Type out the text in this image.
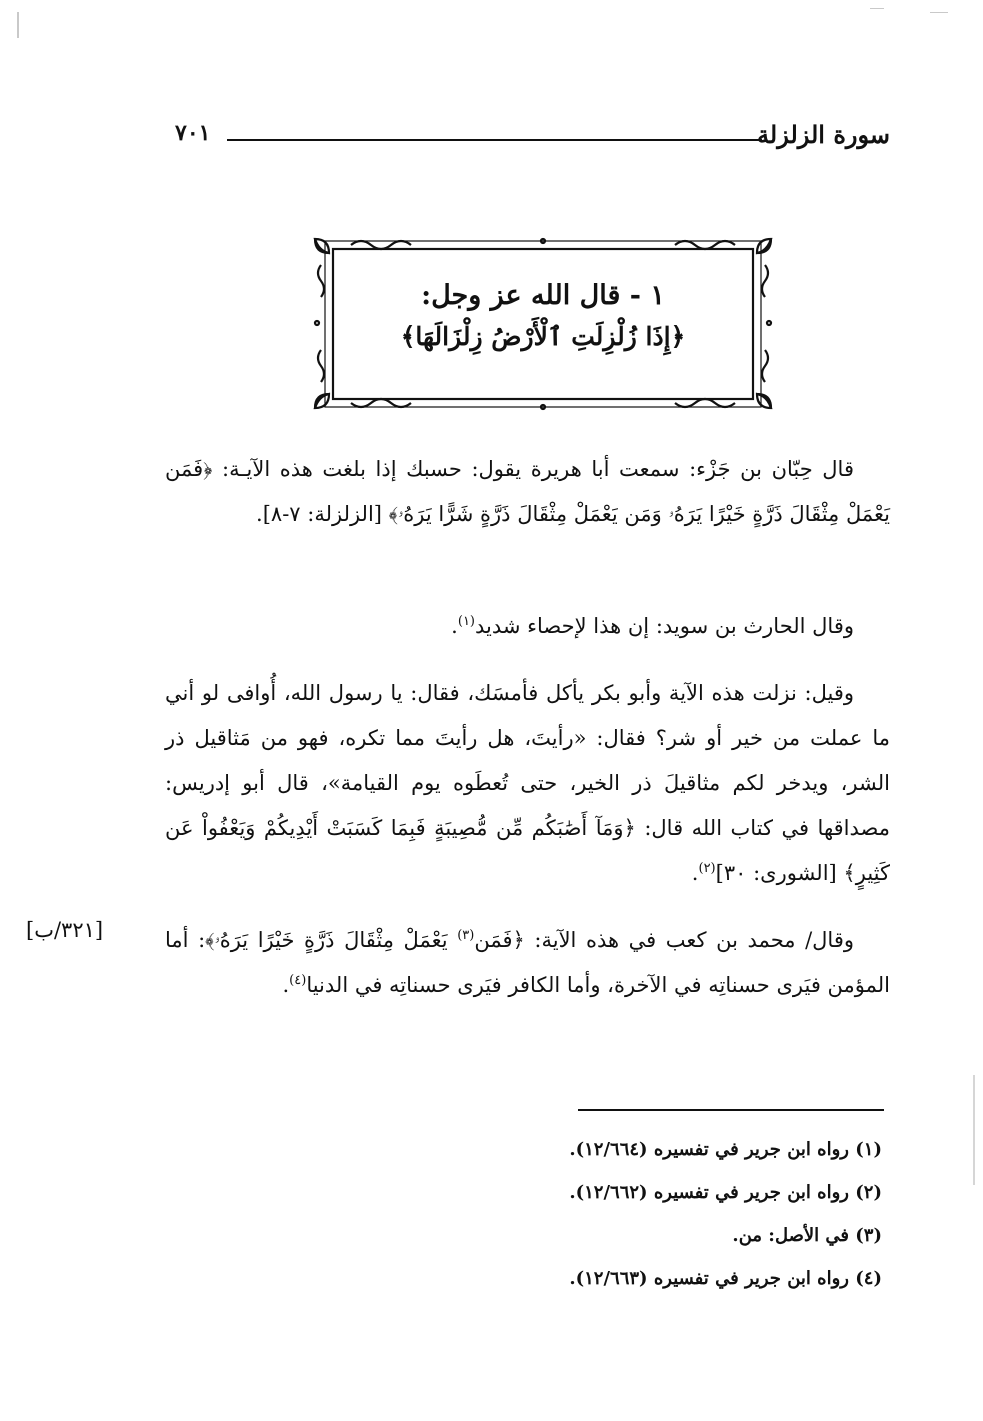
سورة الزلزلة
٧٠١
١ - قال الله عز وجل:
﴿إِذَا زُلْزِلَتِ ٱلْأَرْضُ زِلْزَالَهَا﴾

قال حِبّان بن جَزْء: سمعت أبا هريرة يقول: حسبك إذا بلغت هذه الآيـة: ﴿فَمَن يَعْمَلْ مِثْقَالَ ذَرَّةٍ خَيْرًا يَرَهُۥ وَمَن يَعْمَلْ مِثْقَالَ ذَرَّةٍ شَرًّا يَرَهُۥ﴾ [الزلزلة: ٧-٨].

وقال الحارث بن سويد: إن هذا لإحصاء شديد$^{(١)}$.

وقيل: نزلت هذه الآية وأبو بكر يأكل فأمسَك، فقال: يا رسول الله، أُوافى لو أني ما عملت من خير أو شر؟ فقال: «رأيتَ، هل رأيتَ مما تكره، فهو من مَثاقيل ذر الشر، ويدخر لكم مثاقيلَ ذر الخير، حتى تُعطَوه يوم القيامة»، قال أبو إدريس: مصداقها في كتاب الله قال: ﴿وَمَآ أَصَٰبَكُم مِّن مُّصِيبَةٍ فَبِمَا كَسَبَتْ أَيْدِيكُمْ وَيَعْفُواْ عَن كَثِيرٍ﴾ [الشورى: ٣٠]$^{(٢)}$.

وقال/ محمد بن كعب في هذه الآية: ﴿فَمَن$^{(٣)}$ يَعْمَلْ مِثْقَالَ ذَرَّةٍ خَيْرًا يَرَهُۥ﴾: أما المؤمن فيَرى حسناتِه في الآخرة، وأما الكافر فيَرى حسناتِه في الدنيا$^{(٤)}$.

[٣٢١/ب]
(١) رواه ابن جرير في تفسيره (١٢/٦٦٤).
(٢) رواه ابن جرير في تفسيره (١٢/٦٦٢).
(٣) في الأصل: من.
(٤) رواه ابن جرير في تفسيره (١٢/٦٦٣).
